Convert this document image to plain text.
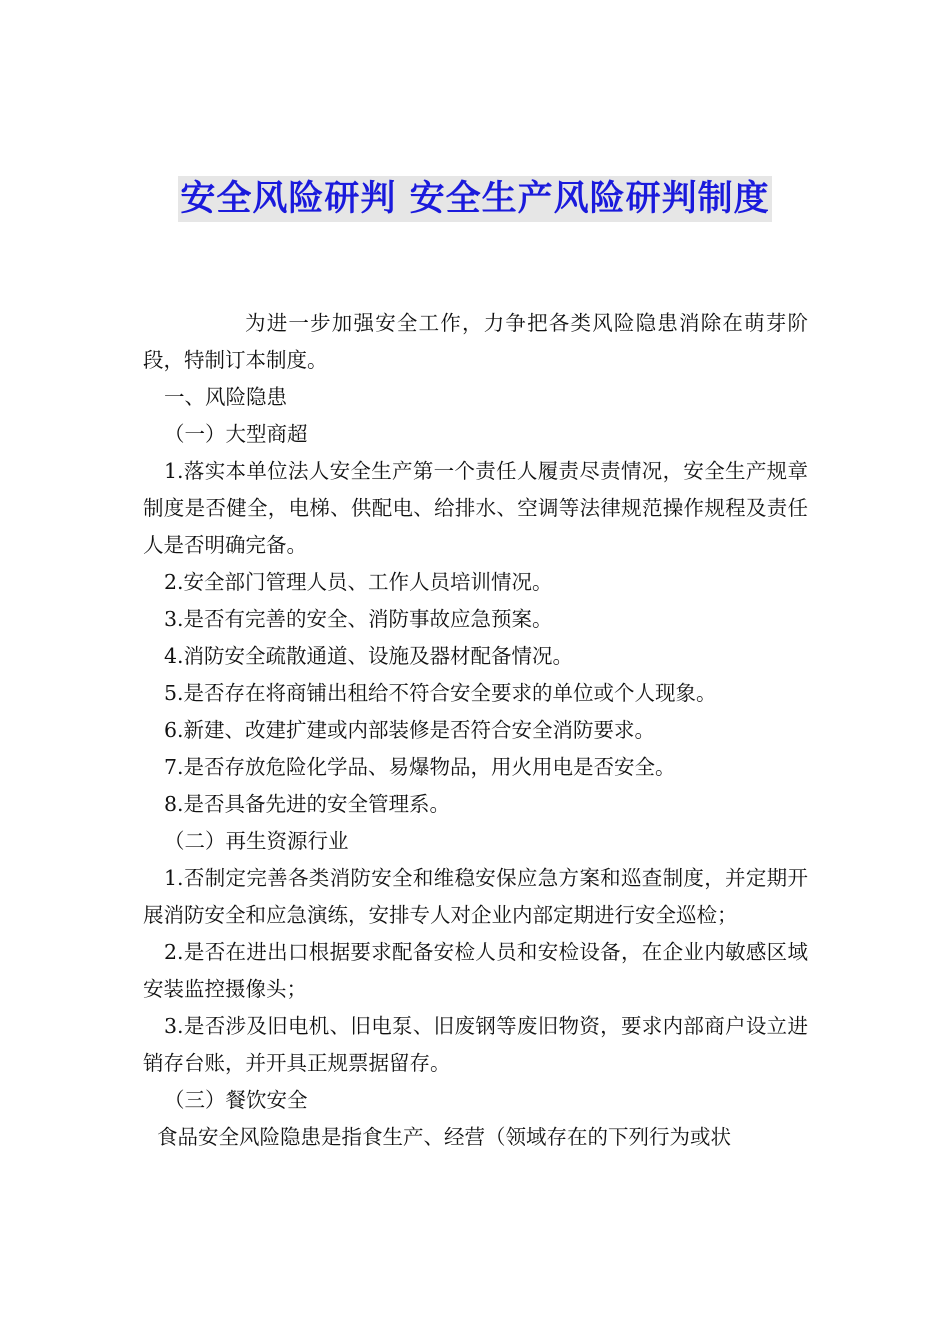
安全风险研判 安全生产风险研判制度

为进一步加强安全工作，力争把各类风险隐患消除在萌芽阶段，特制订本制度。

一、风险隐患

（一）大型商超

1.落实本单位法人安全生产第一个责任人履责尽责情况，安全生产规章制度是否健全，电梯、供配电、给排水、空调等法律规范操作规程及责任人是否明确完备。

2.安全部门管理人员、工作人员培训情况。

3.是否有完善的安全、消防事故应急预案。

4.消防安全疏散通道、设施及器材配备情况。

5.是否存在将商铺出租给不符合安全要求的单位或个人现象。

6.新建、改建扩建或内部装修是否符合安全消防要求。

7.是否存放危险化学品、易爆物品，用火用电是否安全。

8.是否具备先进的安全管理系。

（二）再生资源行业

1.否制定完善各类消防安全和维稳安保应急方案和巡查制度，并定期开展消防安全和应急演练，安排专人对企业内部定期进行安全巡检；

2.是否在进出口根据要求配备安检人员和安检设备，在企业内敏感区域安装监控摄像头；

3.是否涉及旧电机、旧电泵、旧废钢等废旧物资，要求内部商户设立进销存台账，并开具正规票据留存。

（三）餐饮安全

食品安全风险隐患是指食生产、经营（领域存在的下列行为或状
